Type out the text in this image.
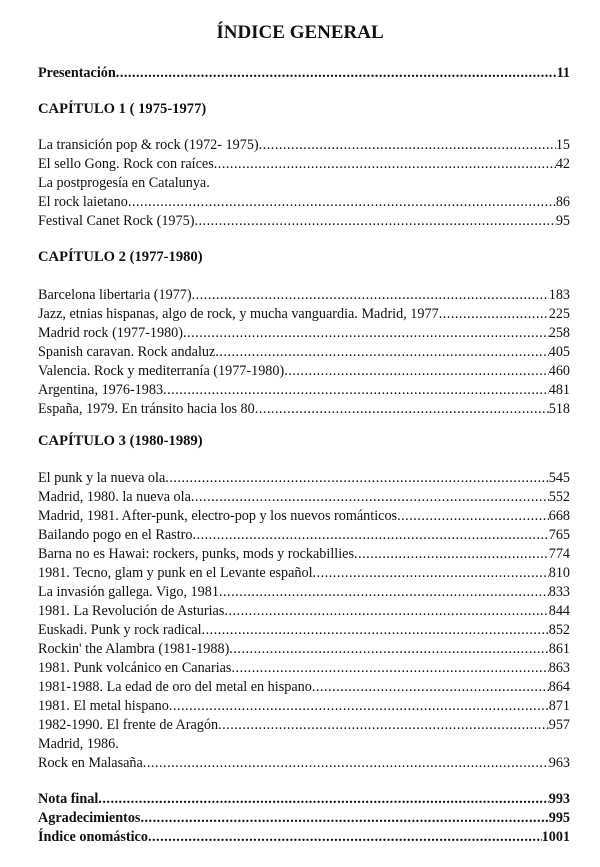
ÍNDICE GENERAL
Presentación	11
.....
CAPÍTULO 1 ( 1975-1977)
La transición pop & rock (1972- 1975)	15
.....
El sello Gong. Rock con raíces	42
.....
La postprogesía en Catalunya.
El rock laietano	86
.....
Festival Canet Rock (1975)	95
.....
CAPÍTULO 2 (1977-1980)
Barcelona libertaria (1977)	183
.....
Jazz, etnias hispanas, algo de rock, y mucha vanguardia. Madrid, 1977	225
.....
Madrid rock (1977-1980)	258
.....
Spanish caravan. Rock andaluz	405
.....
Valencia. Rock y mediterranía (1977-1980)	460
.....
Argentina, 1976-1983	481
.....
España, 1979. En tránsito hacia los 80	518
.....
CAPÍTULO 3 (1980-1989)
El punk y la nueva ola	545
.....
Madrid, 1980. la nueva ola	552
.....
Madrid, 1981. After-punk, electro-pop y los nuevos románticos	668
.....
Bailando pogo en el Rastro	765
.....
Barna no es Hawai: rockers, punks, mods y rockabillies	774
.....
1981. Tecno, glam y punk en el Levante español	810
.....
La invasión gallega. Vigo, 1981	833
.....
1981. La Revolución de Asturias	844
.....
Euskadi. Punk y rock radical	852
.....
Rockin' the Alambra (1981-1988)	861
.....
1981. Punk volcánico en Canarias	863
.....
1981-1988. La edad de oro del metal en hispano	864
.....
1981. El metal hispano	871
.....
1982-1990. El frente de Aragón	957
.....
Madrid, 1986.
Rock en Malasaña	963
.....
Nota final	993
.....
Agradecimientos	995
.....
Índice onomástico	1001
.....
